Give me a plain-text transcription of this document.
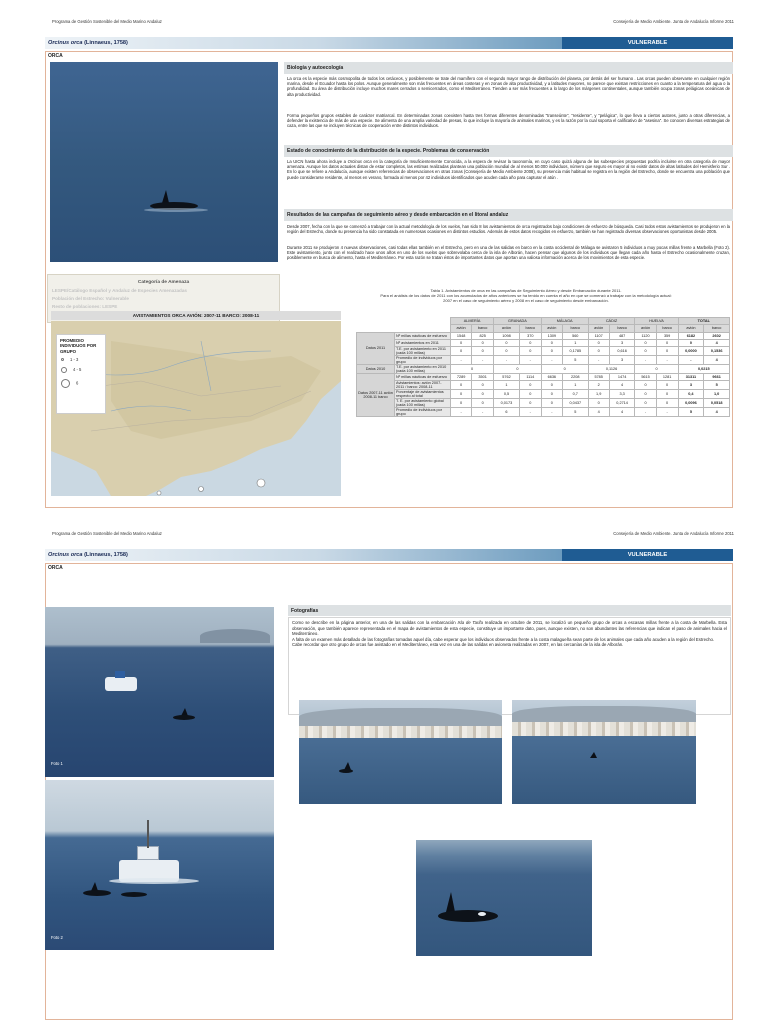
Programa de Gestión Sostenible del Medio Marino Andaluz	Consejería de Medio Ambiente. Junta de Andalucía Informe 2011
Orcinus orca (Linnaeus, 1758)	VULNERABLE
ORCA
Categoría de Amenaza
LESPE/Catálogo Español y Andaluz de Especies Amenazadas
Población del Estrecho: Vulnerable
Resto de poblaciones: LESPE
Biología y autoecología
La orca es la especie más cosmopolita de todos los cetáceos, y posiblemente se trate del mamífero con el segundo mayor rango de distribución del planeta, por detrás del ser humano . Las orcas pueden observarse en cualquier región marina, desde el Ecuador hasta los polos. Aunque generalmente son más frecuentes en áreas costeras y en zonas de alta productividad, y a latitudes mayores, no parece que existan restricciones en cuanto a la temperatura del agua o la profundidad. Su área de distribución incluye muchos mares cerrados o semicerrados, como el Mediterráneo. Tienden a ser más frecuentes a lo largo de los márgenes continentales, aunque también ocupa zonas pelágicas oceánicas de alta productividad.
Forma pequeños grupos estables de carácter matriarcal. En determinadas zonas coexisten hasta tres formas diferentes denominadas "transeúnte", "residente", y "pelágica", lo que lleva a ciertos autores, junto a otras diferencias, a defender la existencia de más de una especie. Se alimenta de una amplia variedad de presas, lo que incluye la mayoría de animales marinos, y es la razón por la cual soporta el calificativo de "asesina". Se conocen diversas estrategias de caza, entre las que se incluyen técnicas de cooperación entre distintos individuos.
Estado de conocimiento de la distribución de la especie. Problemas de conservación
La UICN hasta ahora incluye a Orcinus orca en la categoría de Insuficientemente Conocida, a la espera de revisar la taxonomía, en cuyo caso quizá alguna de las subespecies propuestas podría incluirse en otra categoría de mayor amenaza. Aunque los datos actuales distan de estar completos, las estimas realizadas plantean una población mundial de al menos 50.000 individuos, número que seguro es mayor al no existir datos de altas latitudes del Hemisferio Sur . En lo que se refiere a Andalucía, aunque existen referencias de observaciones en otras zonas (Consejería de Medio Ambiente 2008), su presencia más habitual se registra en la región del Estrecho, donde se encuentra una población que puede considerarse residente, al menos en verano, formada al menos por 42 individuos identificados que acuden cada año para capturar el atún .
Resultados de las campañas de seguimiento aéreo y desde embarcación en el litoral andaluz
Desde 2007, fecha con la que se comenzó a trabajar con la actual metodología de los vuelos, han sido 8 los avistamientos de orca registrados bajo condiciones de esfuerzo de búsqueda. Casi todos estos avistamientos se produjeron en la región del Estrecho, donde su presencia ha sido constatada en numerosas ocasiones en distintos estudios. Además de estos datos recogidos en esfuerzo, también se han registrado diversas observaciones oportunistas desde 2005.
Durante 2011 se produjeron 4 nuevas observaciones, casi todas ellas también en el Estrecho, pero en una de las salidas en barco en la costa occidental de Málaga se avistaron 5 individuos a muy pocas millas frente a Marbella (Foto 2). Este avistamiento, junto con el realizado hace unos años en uno de los vuelos que sobrevolaba cerca de la isla de Alborán, hacen pensar que algunos de los individuos que llegan cada año hasta el Estrecho ocasionalmente cruzan, posiblemente en busca de alimento, hasta el Mediterráneo. Por esta razón se tratan éstos de importantes datos que aportan una valiosa información acerca de los movimientos de esta especie.
AVISTAMIENTOS ORCA AVIÓN: 2007-11 BARCO: 2008-11
PROMEDIO INDIVIDUOS POR GRUPO
1 - 3
4 - 5
6
Tabla 1. Avistamientos de orca en las campañas de Seguimiento Aéreo y desde Embarcación durante 2011.
Para el análisis de los datos de 2011 con los acumulados de años anteriores se ha tenido en cuenta el año en que se comenzó a trabajar con la metodología actual:
2007 en el caso de seguimiento aéreo y 2008 en el caso de seguimiento desde embarcación.
		ALMERÍA		GRANADA		MÁLAGA		CÁDIZ		HUELVA		TOTAL	
		avión	barco	avión	barco	avión	barco	avión	barco	avión	barco	avión	barco
Datos 2011	Nº millas náuticas de esfuerzo	1548	825	1098	370	1309	560	1107	487	1120	359	6182	2602
	Nº avistamientos en 2011	0	0	0	0	0	1	0	3	0	0	0	4
	T.E. por avistamiento en 2011 (cada 100 millas)	0	0	0	0	0	0,1785	0	0,616	0	0	0,0000	0,1536
	Promedio de individuos por grupo	-	-	-	-	-	5	-	3	-	-	-	4
Datos 2010	T.E. por avistamiento en 2010 (cada 100 millas)	0		0		0		0,1126		0		0,0215	
Datos 2007-11 avión 2008-11 barco	Nº millas náuticas de esfuerzo	7289	3501	5762	1114	6636	2208	5785	1474	5615	1281	31311	9661
	Avistamientos: avión 2007-2011 / barco: 2008-11	0	0	1	0	0	1	2	4	0	0	3	5
	Porcentaje de avistamientos respecto al total	0	0	0,5	0	0	0,7	1,9	3,3	0	0	0,4	1,0
	T. E. por avistamiento global (cada 100 millas)	0	0	0,0173	0	0	0,0437	0	0,2714	0	0	0,0096	0,0518
	Promedio de individuos por grupo	-	-	6	-	-	5	4	4	-	-	5	4
Programa de Gestión Sostenible del Medio Marino Andaluz	Consejería de Medio Ambiente. Junta de Andalucía Informe 2011
Orcinus orca (Linnaeus, 1758)	VULNERABLE
ORCA
Foto 1
Foto 2
Fotografías
Como se describe en la página anterior, en una de las salidas con la embarcación Isla de Tarifa realizada en octubre de 2011, se localizó un pequeño grupo de orcas a escasas millas frente a la costa de Marbella. Esta observación, que también aparece representada en el mapa de avistamientos de esta especie, constituye un importante dato, pues, aunque existen, no son abundantes las referencias que indican el paso de animales hacia el Mediterráneo.
A falta de un examen más detallado de las fotografías tomadas aquel día, cabe esperar que los individuos observados frente a la costa malagueña sean parte de los animales que cada año acuden a la región del Estrecho.
Cabe recordar que otro grupo de orcas fue avistado en el Mediterráneo, esta vez en una de las salidas en avioneta realizadas en 2007, en las cercanías de la isla de Alborán.
